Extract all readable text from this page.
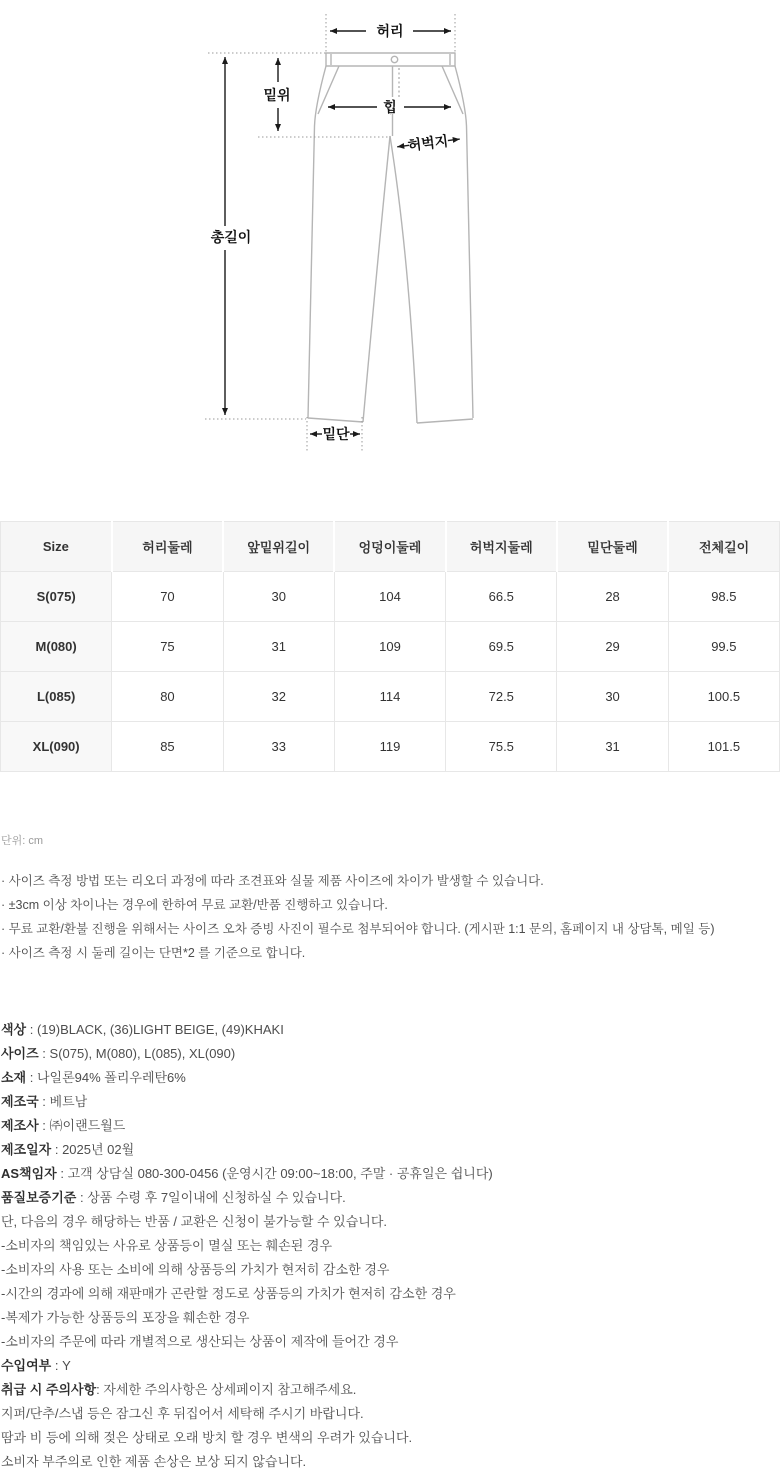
허리
총길이
밑위
힙
허벅지
밑단
Size	허리둘레	앞밑위길이	엉덩이둘레	허벅지둘레	밑단둘레	전체길이
S(075)	70	30	104	66.5	28	98.5
M(080)	75	31	109	69.5	29	99.5
L(085)	80	32	114	72.5	30	100.5
XL(090)	85	33	119	75.5	31	101.5
단위: cm

· 사이즈 측정 방법 또는 리오더 과정에 따라 조견표와 실물 제품 사이즈에 차이가 발생할 수 있습니다.

· ±3cm 이상 차이나는 경우에 한하여 무료 교환/반품 진행하고 있습니다.

· 무료 교환/환불 진행을 위해서는 사이즈 오차 증빙 사진이 필수로 첨부되어야 합니다. (게시판 1:1 문의, 홈페이지 내 상담톡, 메일 등)

· 사이즈 측정 시 둘레 길이는 단면*2 를 기준으로 합니다.

색상 : (19)BLACK, (36)LIGHT BEIGE, (49)KHAKI
사이즈 : S(075), M(080), L(085), XL(090)
소재 : 나일론94% 폴리우레탄6%
제조국 : 베트남
제조사 : ㈜이랜드월드
제조일자 : 2025년 02월
AS책임자 : 고객 상담실 080-300-0456 (운영시간 09:00~18:00, 주말 · 공휴일은 쉽니다)
품질보증기준 : 상품 수령 후 7일이내에 신청하실 수 있습니다.
단, 다음의 경우 해당하는 반품 / 교환은 신청이 불가능할 수 있습니다.
-소비자의 책임있는 사유로 상품등이 멸실 또는 훼손된 경우
-소비자의 사용 또는 소비에 의해 상품등의 가치가 현저히 감소한 경우
-시간의 경과에 의해 재판매가 곤란할 정도로 상품등의 가치가 현저히 감소한 경우
-복제가 가능한 상품등의 포장을 훼손한 경우
-소비자의 주문에 따라 개별적으로 생산되는 상품이 제작에 들어간 경우
수입여부 : Y
취급 시 주의사항: 자세한 주의사항은 상세페이지 참고해주세요.
지퍼/단추/스냅 등은 잠그신 후 뒤집어서 세탁해 주시기 바랍니다.
땀과 비 등에 의해 젖은 상태로 오래 방치 할 경우 변색의 우려가 있습니다.
소비자 부주의로 인한 제품 손상은 보상 되지 않습니다.
